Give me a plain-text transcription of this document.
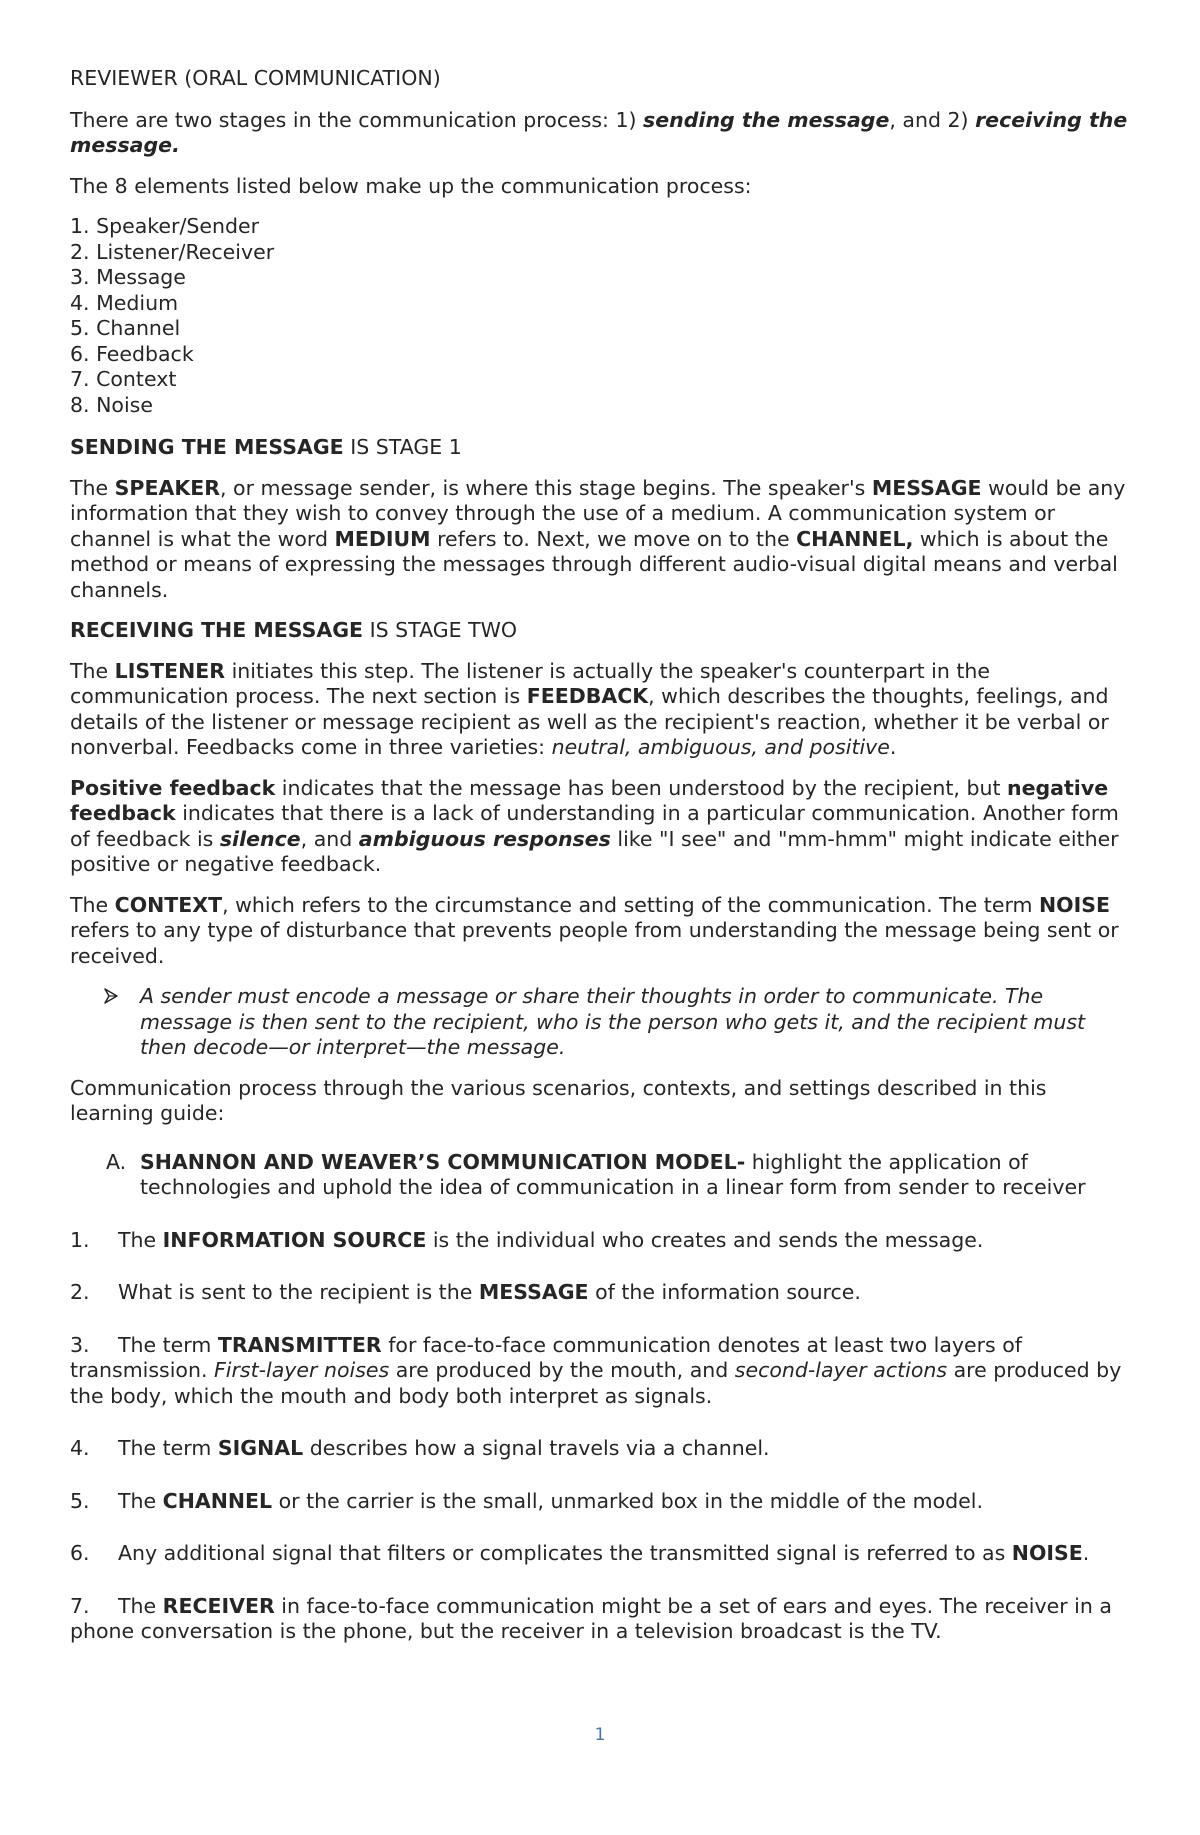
REVIEWER (ORAL COMMUNICATION)

There are two stages in the communication process: 1) sending the message, and 2) receiving the message.

The 8 elements listed below make up the communication process:

1. Speaker/Sender
2. Listener/Receiver
3. Message
4. Medium
5. Channel
6. Feedback
7. Context
8. Noise

SENDING THE MESSAGE IS STAGE 1

The SPEAKER, or message sender, is where this stage begins. The speaker's MESSAGE would be any information that they wish to convey through the use of a medium. A communication system or channel is what the word MEDIUM refers to. Next, we move on to the CHANNEL, which is about the method or means of expressing the messages through different audio-visual digital means and verbal channels.

RECEIVING THE MESSAGE IS STAGE TWO

The LISTENER initiates this step. The listener is actually the speaker's counterpart in the communication process. The next section is FEEDBACK, which describes the thoughts, feelings, and details of the listener or message recipient as well as the recipient's reaction, whether it be verbal or nonverbal. Feedbacks come in three varieties: neutral, ambiguous, and positive.

Positive feedback indicates that the message has been understood by the recipient, but negative feedback indicates that there is a lack of understanding in a particular communication. Another form of feedback is silence, and ambiguous responses like "I see" and "mm-hmm" might indicate either positive or negative feedback.

The CONTEXT, which refers to the circumstance and setting of the communication. The term NOISE refers to any type of disturbance that prevents people from understanding the message being sent or received.

A sender must encode a message or share their thoughts in order to communicate. The message is then sent to the recipient, who is the person who gets it, and the recipient must then decode—or interpret—the message.

Communication process through the various scenarios, contexts, and settings described in this learning guide:

A. SHANNON AND WEAVER’S COMMUNICATION MODEL- highlight the application of technologies and uphold the idea of communication in a linear form from sender to receiver

1. The INFORMATION SOURCE is the individual who creates and sends the message.

2. What is sent to the recipient is the MESSAGE of the information source.

3. The term TRANSMITTER for face-to-face communication denotes at least two layers of transmission. First-layer noises are produced by the mouth, and second-layer actions are produced by the body, which the mouth and body both interpret as signals.

4. The term SIGNAL describes how a signal travels via a channel.

5. The CHANNEL or the carrier is the small, unmarked box in the middle of the model.

6. Any additional signal that filters or complicates the transmitted signal is referred to as NOISE.

7. The RECEIVER in face-to-face communication might be a set of ears and eyes. The receiver in a phone conversation is the phone, but the receiver in a television broadcast is the TV.

1
